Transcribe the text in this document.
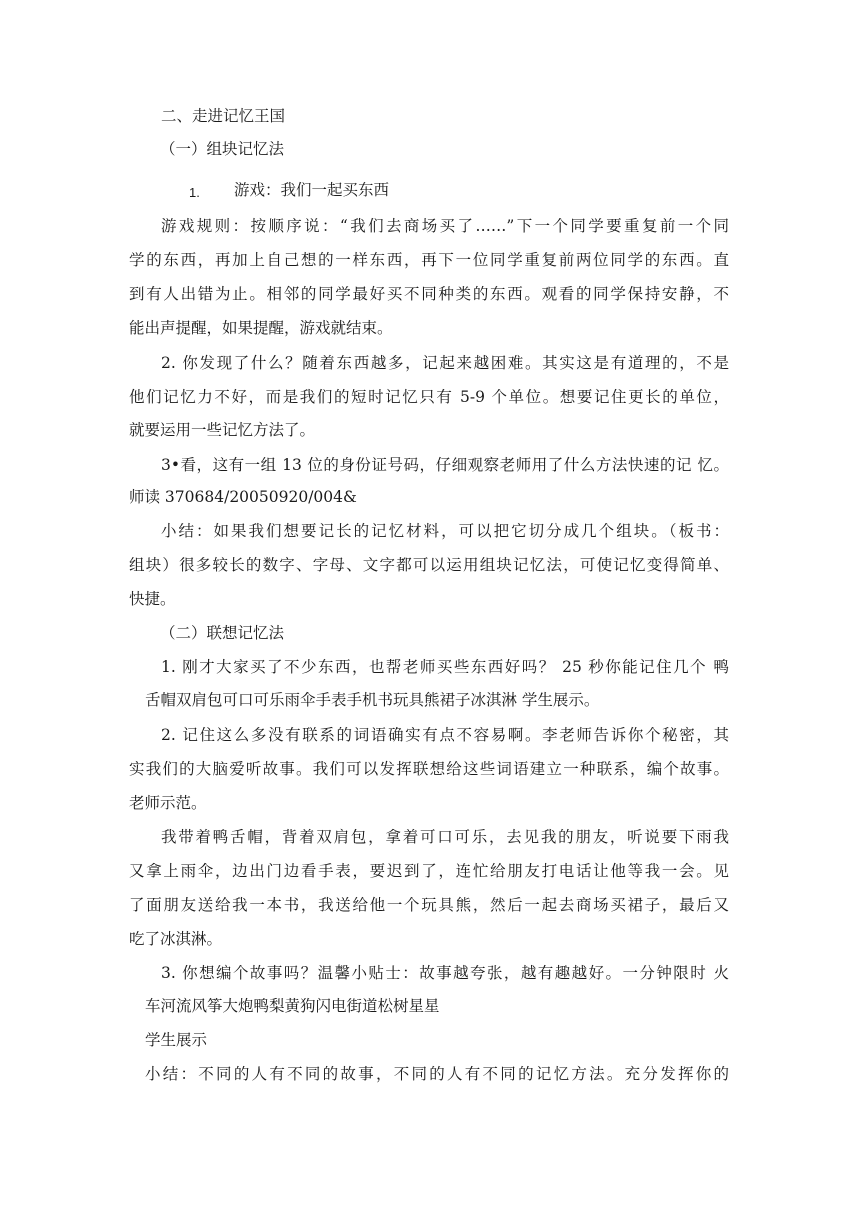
二、走进记忆王国
（一）组块记忆法
1. 游戏：我们一起买东西
游戏规则：按顺序说：“我们去商场买了……”下一个同学要重复前一个同
学的东西，再加上自己想的一样东西，再下一位同学重复前两位同学的东西。直
到有人出错为止。相邻的同学最好买不同种类的东西。观看的同学保持安静，不
能出声提醒，如果提醒，游戏就结束。
2. 你发现了什么？随着东西越多，记起来越困难。其实这是有道理的，不是
他们记忆力不好，而是我们的短时记忆只有 5-9 个单位。想要记住更长的单位，
就要运用一些记忆方法了。
3•看，这有一组 13 位的身份证号码，仔细观察老师用了什么方法快速的记 忆。
师读 370684/20050920/004&
小结：如果我们想要记长的记忆材料，可以把它切分成几个组块。（板书：
组块）很多较长的数字、字母、文字都可以运用组块记忆法，可使记忆变得简单、
快捷。
（二）联想记忆法
1. 刚才大家买了不少东西，也帮老师买些东西好吗？ 25 秒你能记住几个 鸭
舌帽双肩包可口可乐雨伞手表手机书玩具熊裙子冰淇淋 学生展示。
2. 记住这么多没有联系的词语确实有点不容易啊。李老师告诉你个秘密，其
实我们的大脑爱听故事。我们可以发挥联想给这些词语建立一种联系，编个故事。
老师示范。
我带着鸭舌帽，背着双肩包，拿着可口可乐，去见我的朋友，听说要下雨我
又拿上雨伞，边出门边看手表，要迟到了，连忙给朋友打电话让他等我一会。见
了面朋友送给我一本书，我送给他一个玩具熊，然后一起去商场买裙子，最后又
吃了冰淇淋。
3. 你想编个故事吗？温馨小贴士：故事越夸张，越有趣越好。一分钟限时 火
车河流风筝大炮鸭梨黄狗闪电街道松树星星
学生展示
小结：不同的人有不同的故事，不同的人有不同的记忆方法。充分发挥你的
